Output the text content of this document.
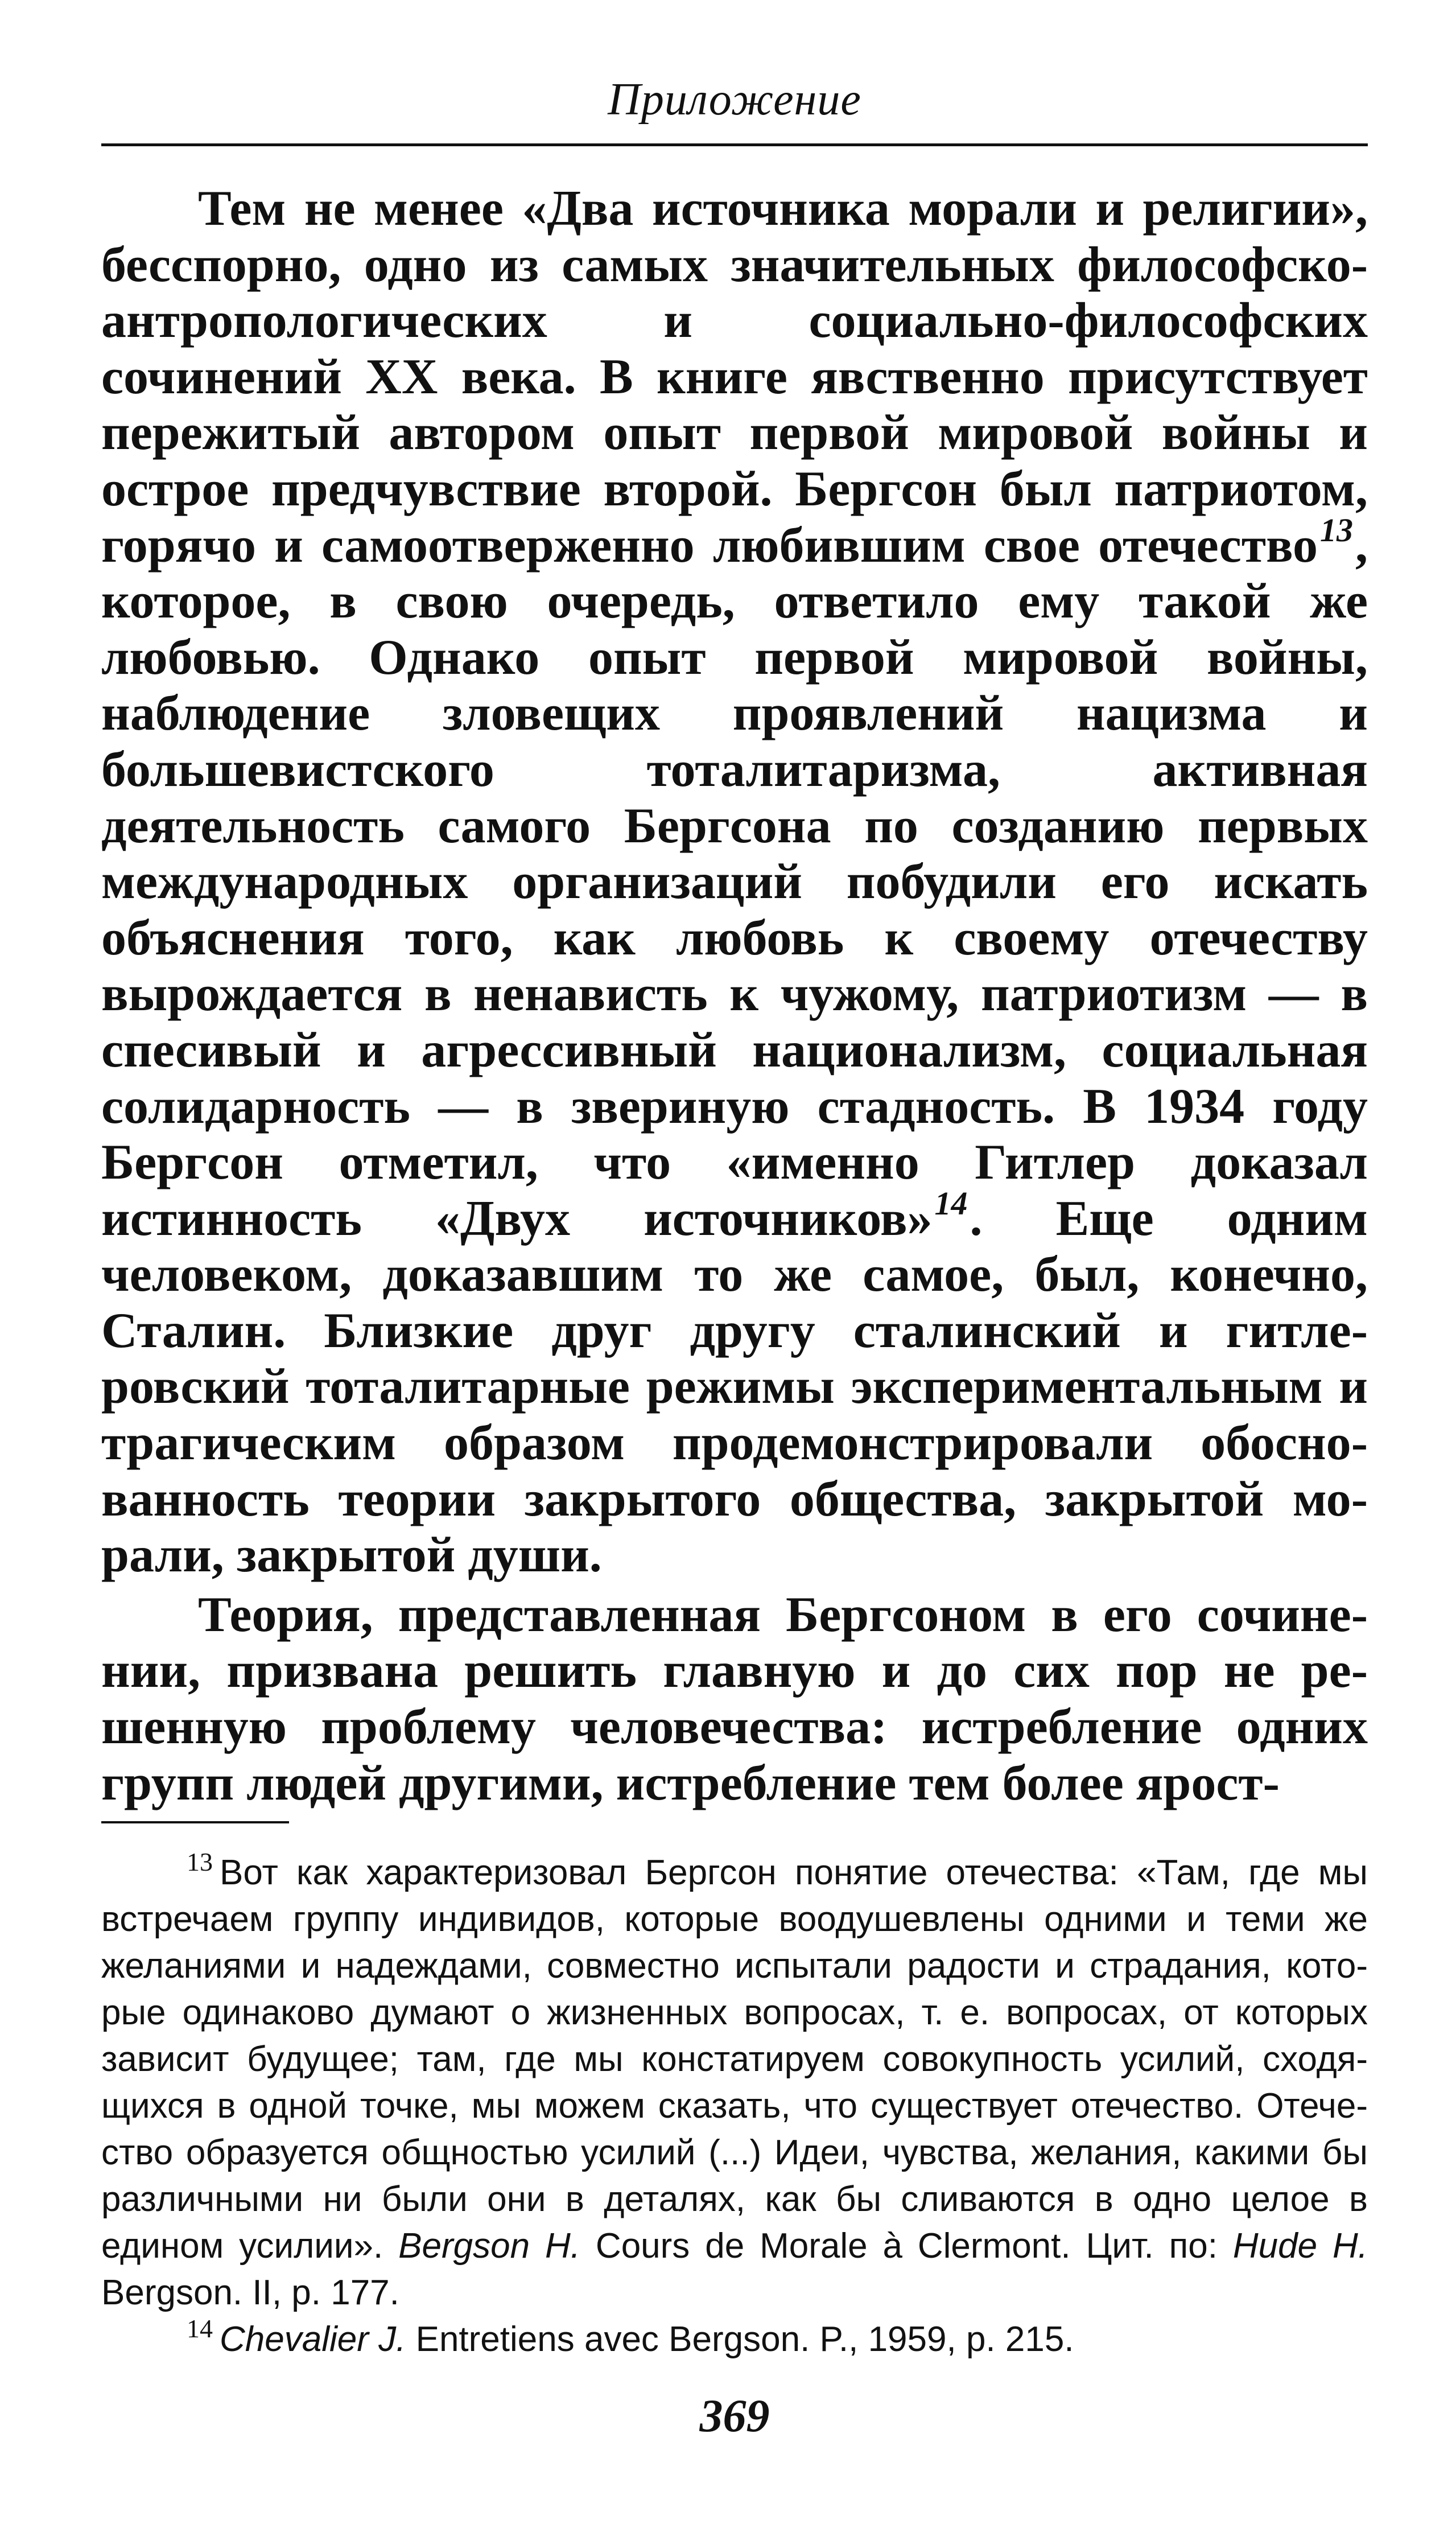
Приложение

Тем не менее «Два источника морали и религии», бесспорно, одно из самых значительных философско-антропологических и социально-философских сочинений XX века. В книге явственно присутствует пережитый автором опыт первой мировой войны и острое предчувствие второй. Бергсон был патриотом, горячо и самоотверженно любившим свое отечество$^{13}$, которое, в свою очередь, ответило ему такой же любовью. Однако опыт первой мировой войны, наблюдение зловещих проявлений нацизма и большевистского тоталитаризма, активная деятельность самого Бергсона по созданию первых международных организаций побудили его искать объяснения того, как любовь к своему отечеству вырождается в ненависть к чужому, патриотизм — в спесивый и агрессивный национализм, социальная солидарность — в звериную стадность. В 1934 году Бергсон отметил, что «именно Гитлер доказал истинность «Двух источников»$^{14}$. Еще одним человеком, доказавшим то же самое, был, конечно, Сталин. Близкие друг другу сталинский и гитлеровский тоталитарные режимы экспериментальным и трагическим образом продемонстрировали обоснованность теории закрытого общества, закрытой морали, закрытой души.

Теория, представленная Бергсоном в его сочинении, призвана решить главную и до сих пор не решенную проблему человечества: истребление одних групп людей другими, истребление тем более ярост-

$^{13}$ Вот как характеризовал Бергсон понятие отечества: «Там, где мы встречаем группу индивидов, которые воодушевлены одними и теми же желаниями и надеждами, совместно испытали радости и страдания, которые одинаково думают о жизненных вопросах, т. е. вопросах, от которых зависит будущее; там, где мы констатируем совокупность усилий, сходящихся в одной точке, мы можем сказать, что существует отечество. Отечество образуется общностью усилий (...) Идеи, чувства, желания, какими бы различными ни были они в деталях, как бы сливаются в одно целое в едином усилии». Bergson H. Cours de Morale à Clermont. Цит. по: Hude H. Bergson. II, p. 177.

$^{14}$ Chevalier J. Entretiens avec Bergson. P., 1959, p. 215.

369
